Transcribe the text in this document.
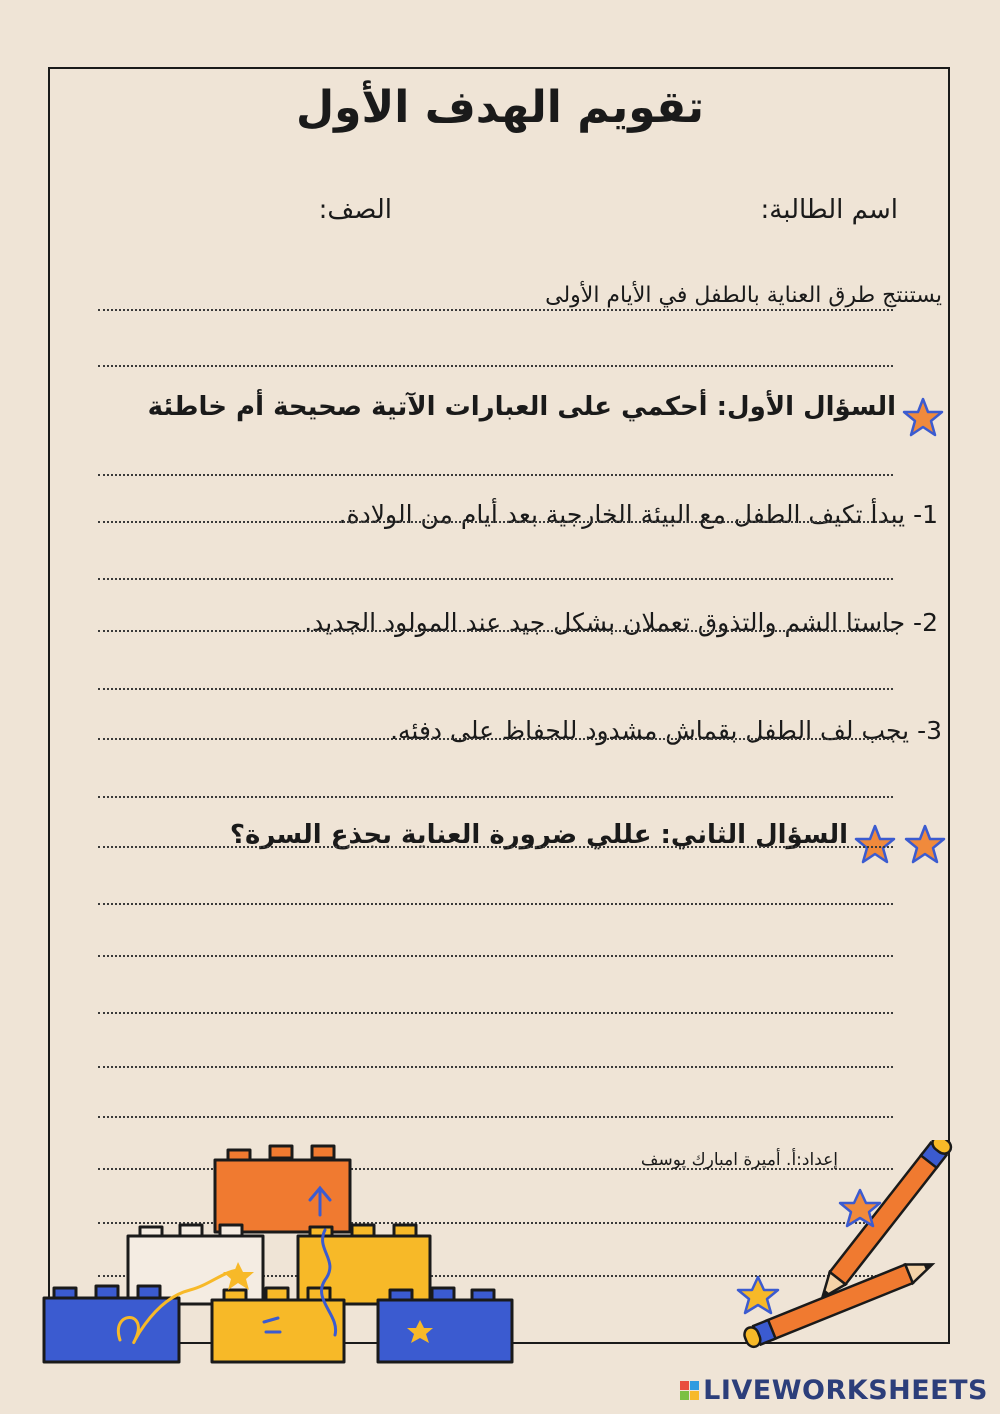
تقويم الهدف الأول
اسم الطالبة:
الصف:
يستنتج طرق العناية بالطفل في الأيام الأولى
السؤال الأول: أحكمي على العبارات الآتية صحيحة أم خاطئة
1- يبدأ تكيف الطفل مع البيئة الخارجية بعد أيام من الولادة.
2- جاستا الشم والتذوق تعملان بشكل جيد عند المولود الجديد.
3- يجب لف الطفل بقماش مشدود للحفاظ على دفئه.
السؤال الثاني: عللي ضرورة العناية بجذع السرة؟
إعداد:أ. أميرة امبارك يوسف
LIVEWORKSHEETS
